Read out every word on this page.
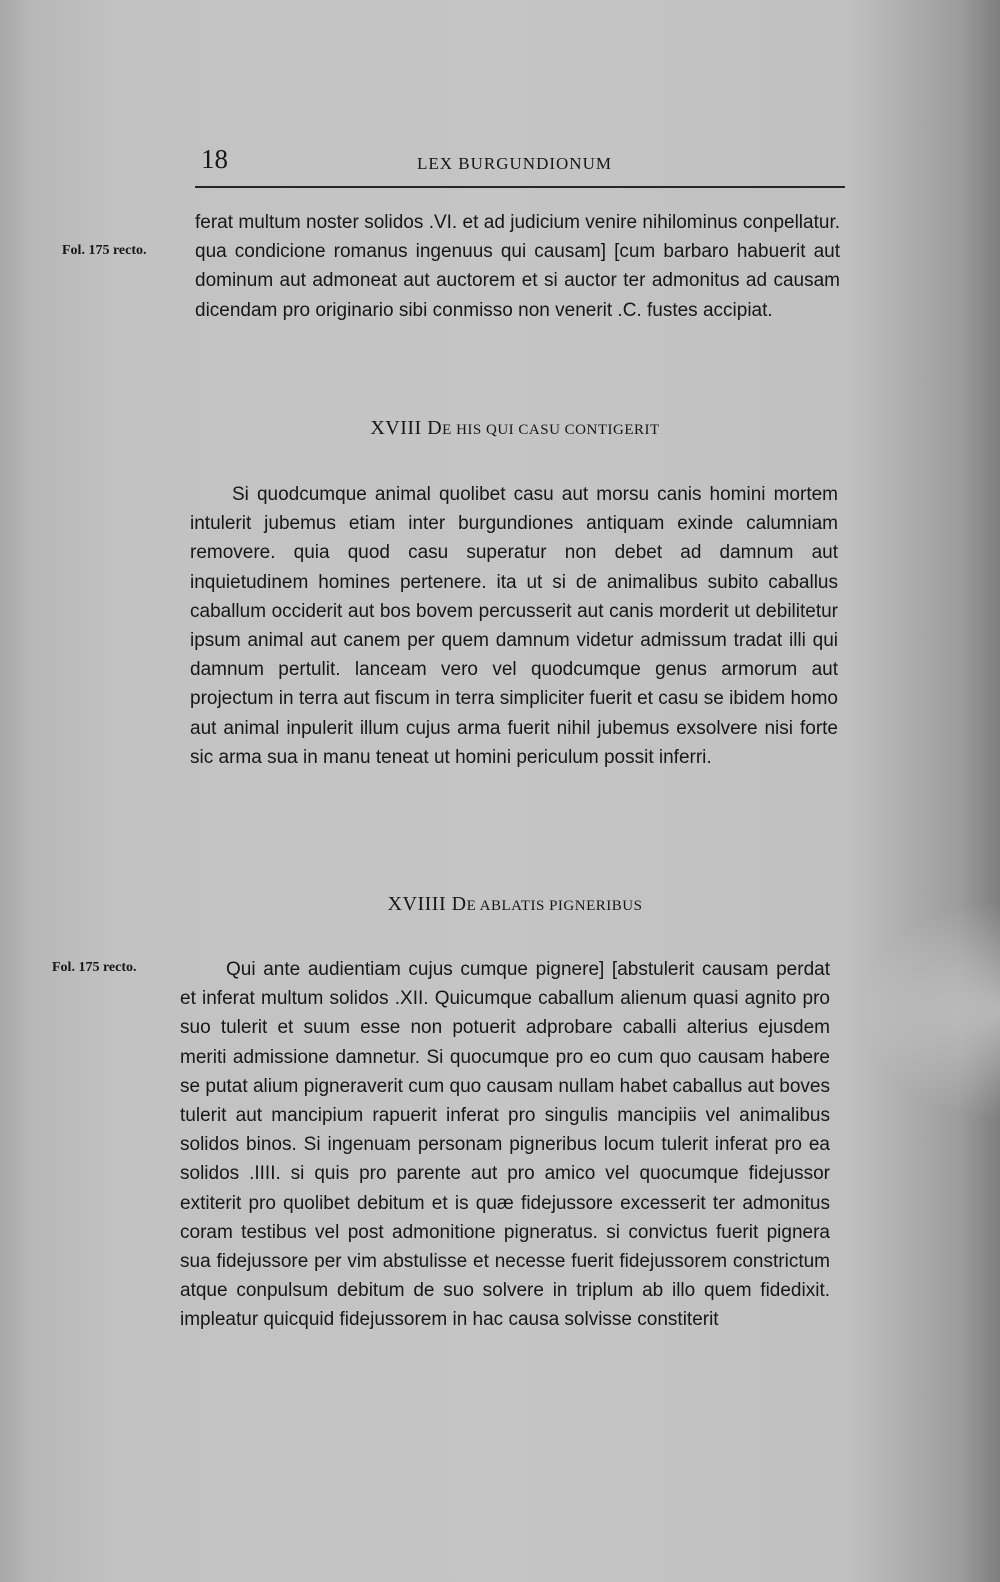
18	LEX BURGUNDIONUM
Fol. 175 recto.

ferat multum noster solidos .VI. et ad judicium venire nihilominus conpellatur. qua condicione romanus ingenuus qui causam] [cum barbaro habuerit aut dominum aut admoneat aut auctorem et si auctor ter admonitus ad causam dicendam pro originario sibi conmisso non venerit .C. fustes accipiat.

XVIII DE HIS QUI CASU CONTIGERIT

Si quodcumque animal quolibet casu aut morsu canis homini mortem intulerit jubemus etiam inter burgundiones antiquam exinde calumniam removere. quia quod casu superatur non debet ad damnum aut inquietudinem homines pertenere. ita ut si de animalibus subito caballus caballum occiderit aut bos bovem percusserit aut canis morderit ut debilitetur ipsum animal aut canem per quem damnum videtur admissum tradat illi qui damnum pertulit. lanceam vero vel quodcumque genus armorum aut projectum in terra aut fiscum in terra simpliciter fuerit et casu se ibidem homo aut animal inpulerit illum cujus arma fuerit nihil jubemus exsolvere nisi forte sic arma sua in manu teneat ut homini periculum possit inferri.

XVIIII DE ABLATIS PIGNERIBUS
Fol. 175 recto.	Qui ante audientiam cujus cumque pignere] [abstulerit causam perdat et inferat multum solidos .XII. Quicumque caballum alienum quasi agnito pro suo tulerit et suum esse non potuerit adprobare caballi alterius ejusdem meriti admissione damnetur. Si quocumque pro eo cum quo causam habere se putat alium pigneraverit cum quo causam nullam habet caballus aut boves tulerit aut mancipium rapuerit inferat pro singulis mancipiis vel animalibus solidos binos. Si ingenuam personam pigneribus locum tulerit inferat pro ea solidos .IIII. si quis pro parente aut pro amico vel quocumque fidejussor extiterit pro quolibet debitum et is quæ fidejussore excesserit ter admonitus coram testibus vel post admonitione pigneratus. si convictus fuerit pignera sua fidejussore per vim abstulisse et necesse fuerit fidejussorem constrictum atque conpulsum debitum de suo solvere in triplum ab illo quem fidedixit. impleatur quicquid fidejussorem in hac causa solvisse constiterit
